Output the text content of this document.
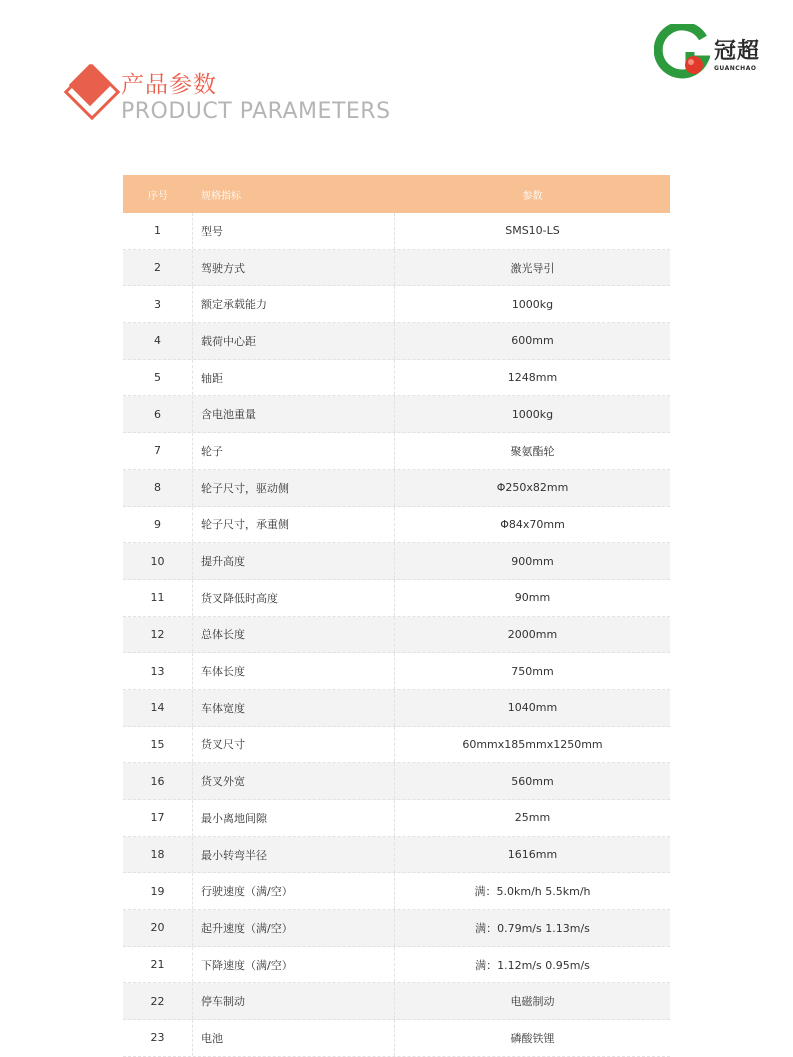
产品参数
PRODUCT PARAMETERS
冠超
GUANCHAO
序号	规格指标	参数
1	型号	SMS10-LS
2	驾驶方式	激光导引
3	额定承载能力	1000kg
4	载荷中心距	600mm
5	轴距	1248mm
6	含电池重量	1000kg
7	轮子	聚氨酯轮
8	轮子尺寸，驱动侧	Φ250x82mm
9	轮子尺寸，承重侧	Φ84x70mm
10	提升高度	900mm
11	货叉降低时高度	90mm
12	总体长度	2000mm
13	车体长度	750mm
14	车体宽度	1040mm
15	货叉尺寸	60mmx185mmx1250mm
16	货叉外宽	560mm
17	最小离地间隙	25mm
18	最小转弯半径	1616mm
19	行驶速度（满/空）	满：5.0km/h 5.5km/h
20	起升速度（满/空）	满：0.79m/s 1.13m/s
21	下降速度（满/空）	满：1.12m/s 0.95m/s
22	停车制动	电磁制动
23	电池	磷酸铁锂
